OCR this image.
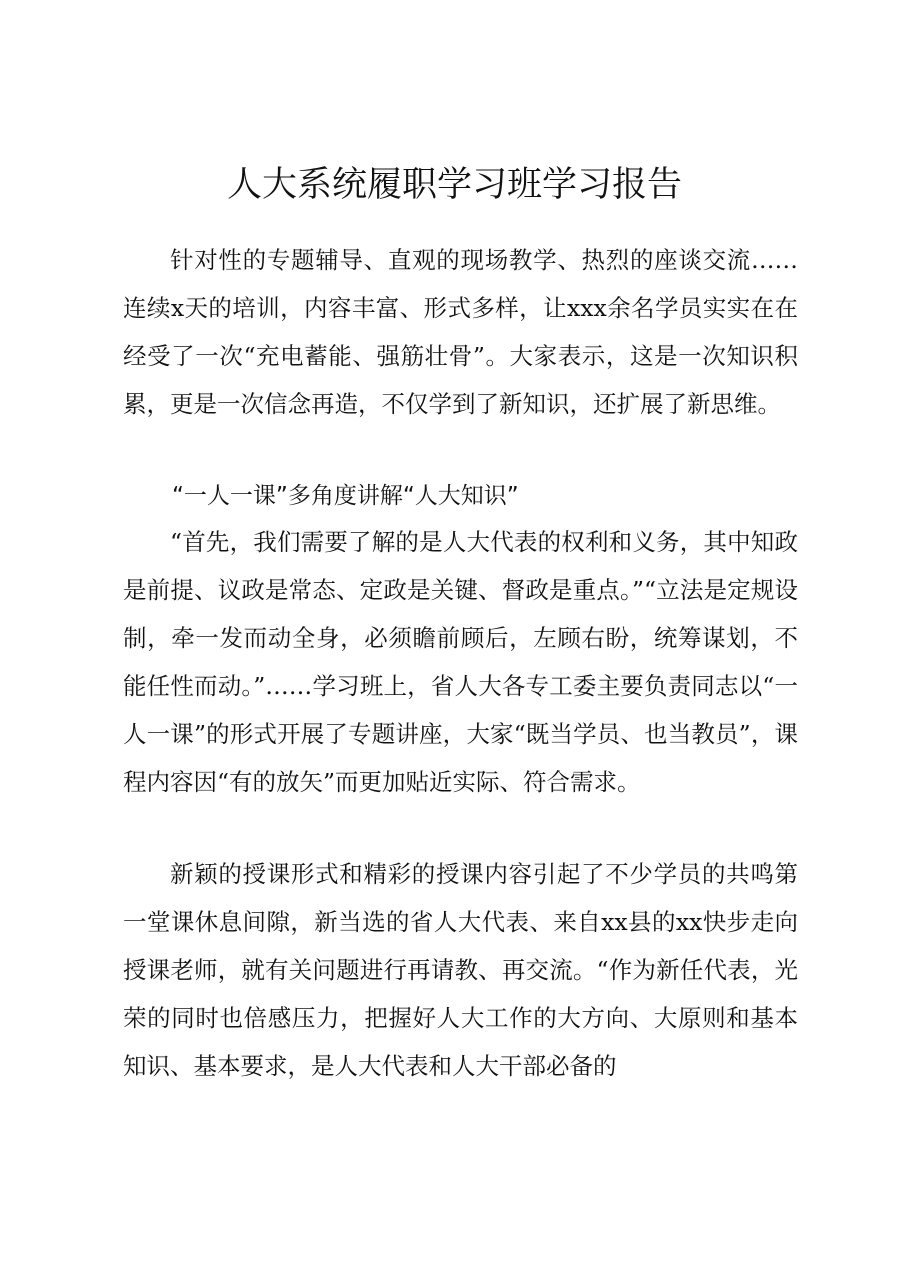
人大系统履职学习班学习报告

针对性的专题辅导、直观的现场教学、热烈的座谈交流……连续x天的培训，内容丰富、形式多样，让xxx余名学员实实在在经受了一次“充电蓄能、强筋壮骨”。大家表示，这是一次知识积累，更是一次信念再造，不仅学到了新知识，还扩展了新思维。

“一人一课”多角度讲解“人大知识”

“首先，我们需要了解的是人大代表的权利和义务，其中知政是前提、议政是常态、定政是关键、督政是重点。”“立法是定规设制，牵一发而动全身，必须瞻前顾后，左顾右盼，统筹谋划，不能任性而动。”……学习班上，省人大各专工委主要负责同志以“一人一课”的形式开展了专题讲座，大家“既当学员、也当教员”，课程内容因“有的放矢”而更加贴近实际、符合需求。

新颖的授课形式和精彩的授课内容引起了不少学员的共鸣第一堂课休息间隙，新当选的省人大代表、来自xx县的xx快步走向授课老师，就有关问题进行再请教、再交流。“作为新任代表，光荣的同时也倍感压力，把握好人大工作的大方向、大原则和基本知识、基本要求，是人大代表和人大干部必备的
